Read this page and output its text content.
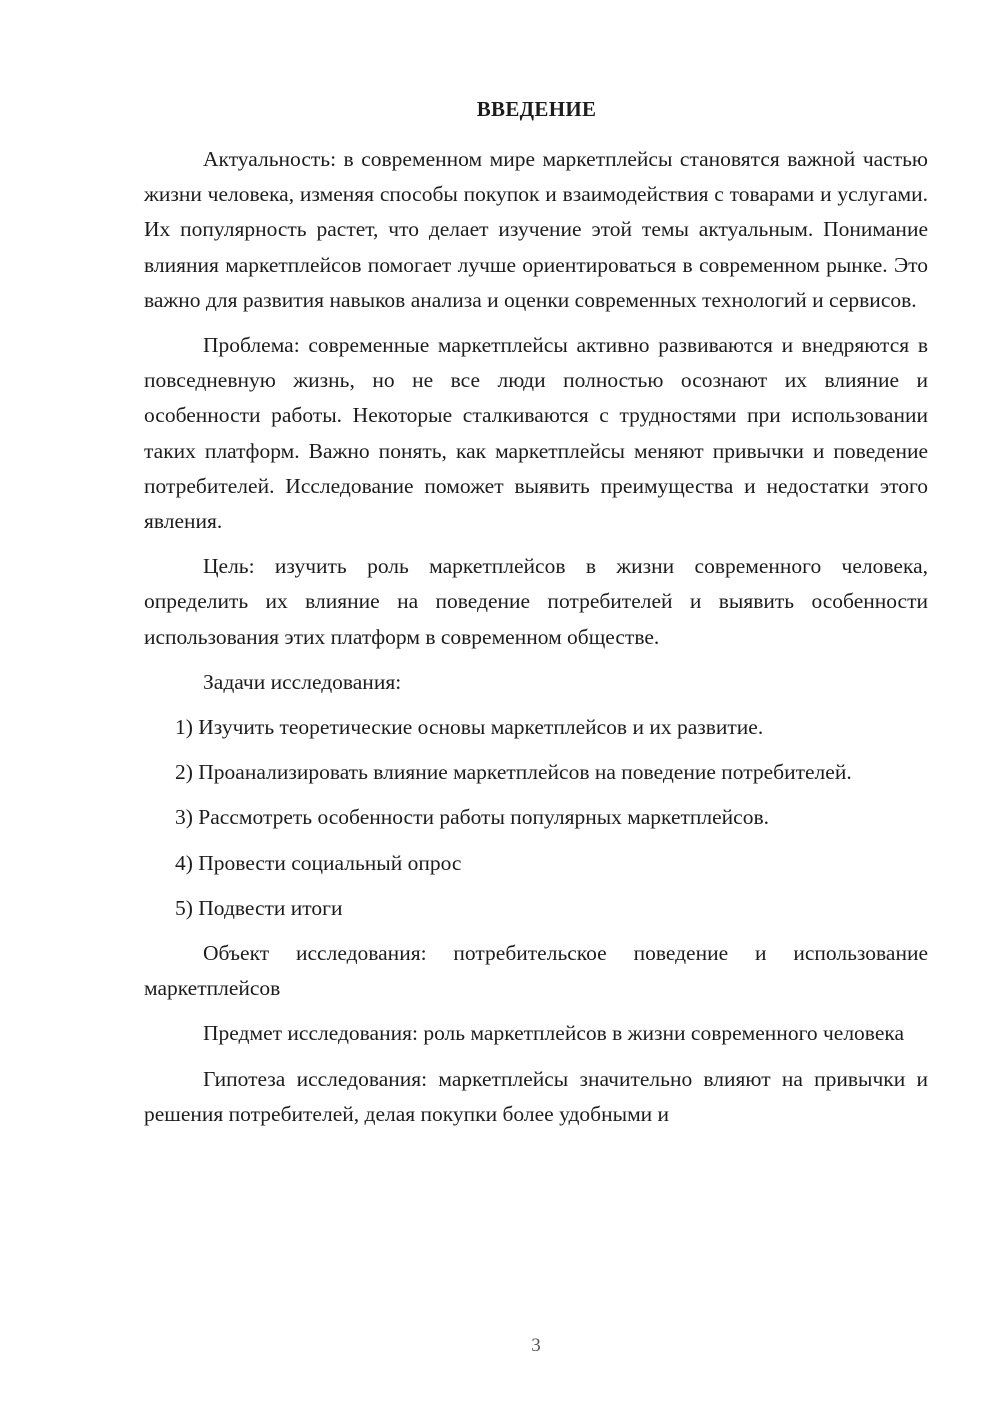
ВВЕДЕНИЕ

Актуальность: в современном мире маркетплейсы становятся важной частью жизни человека, изменяя способы покупок и взаимодействия с товарами и услугами. Их популярность растет, что делает изучение этой темы актуальным. Понимание влияния маркетплейсов помогает лучше ориентироваться в современном рынке. Это важно для развития навыков анализа и оценки современных технологий и сервисов.

Проблема: современные маркетплейсы активно развиваются и внедряются в повседневную жизнь, но не все люди полностью осознают их влияние и особенности работы. Некоторые сталкиваются с трудностями при использовании таких платформ. Важно понять, как маркетплейсы меняют привычки и поведение потребителей. Исследование поможет выявить преимущества и недостатки этого явления.

Цель: изучить роль маркетплейсов в жизни современного человека, определить их влияние на поведение потребителей и выявить особенности использования этих платформ в современном обществе.

Задачи исследования:

1) Изучить теоретические основы маркетплейсов и их развитие.

2) Проанализировать влияние маркетплейсов на поведение потребителей.

3) Рассмотреть особенности работы популярных маркетплейсов.

4) Провести социальный опрос

5) Подвести итоги

Объект исследования: потребительское поведение и использование маркетплейсов

Предмет исследования: роль маркетплейсов в жизни современного человека

Гипотеза исследования: маркетплейсы значительно влияют на привычки и решения потребителей, делая покупки более удобными и

3
